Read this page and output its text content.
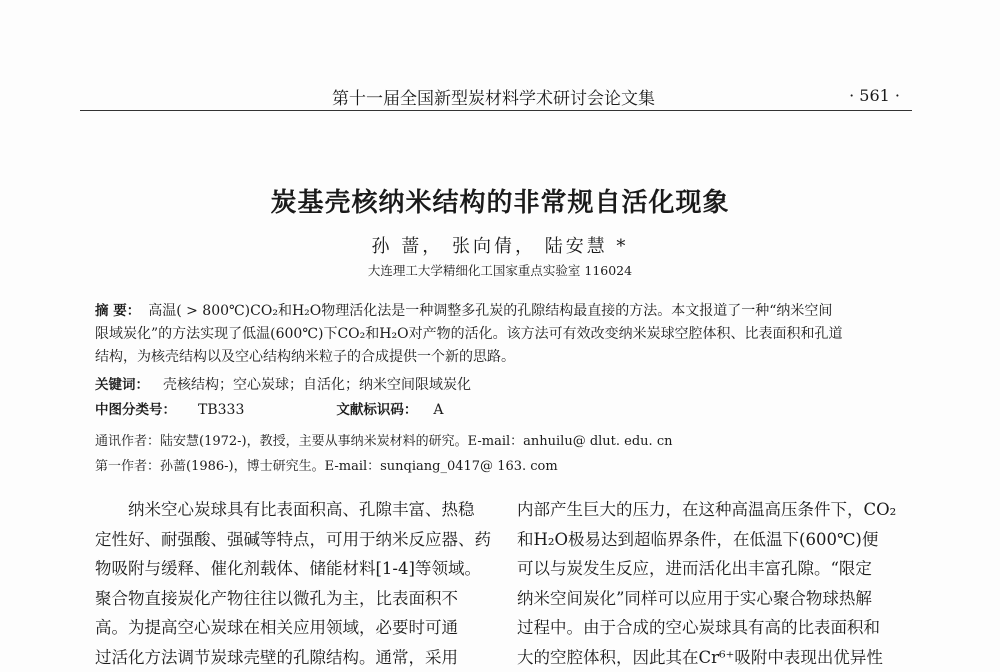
第十一届全国新型炭材料学术研讨会论文集	· 561 ·
炭基壳核纳米结构的非常规自活化现象
孙 蔷， 张向倩， 陆安慧 *
大连理工大学精细化工国家重点实验室 116024
摘 要： 高温( > 800℃)CO₂和H₂O物理活化法是一种调整多孔炭的孔隙结构最直接的方法。本文报道了一种“纳米空间
限域炭化”的方法实现了低温(600℃)下CO₂和H₂O对产物的活化。该方法可有效改变纳米炭球空腔体积、比表面积和孔道
结构，为核壳结构以及空心结构纳米粒子的合成提供一个新的思路。
关键词： 壳核结构；空心炭球；自活化；纳米空间限域炭化
中图分类号： TB333	文献标识码： A
通讯作者：陆安慧(1972-)，教授，主要从事纳米炭材料的研究。E-mail：anhuilu@ dlut. edu. cn
第一作者：孙蔷(1986-)，博士研究生。E-mail：sunqiang_0417@ 163. com

纳米空心炭球具有比表面积高、孔隙丰富、热稳

定性好、耐强酸、强碱等特点，可用于纳米反应器、药

物吸附与缓释、催化剂载体、储能材料[1-4]等领域。

聚合物直接炭化产物往往以微孔为主，比表面积不

高。为提高空心炭球在相关应用领域，必要时可通

过活化方法调节炭球壳壁的孔隙结构。通常，采用

内部产生巨大的压力，在这种高温高压条件下，CO₂

和H₂O极易达到超临界条件，在低温下(600℃)便

可以与炭发生反应，进而活化出丰富孔隙。“限定

纳米空间炭化”同样可以应用于实心聚合物球热解

过程中。由于合成的空心炭球具有高的比表面积和

大的空腔体积，因此其在Cr⁶⁺吸附中表现出优异性
